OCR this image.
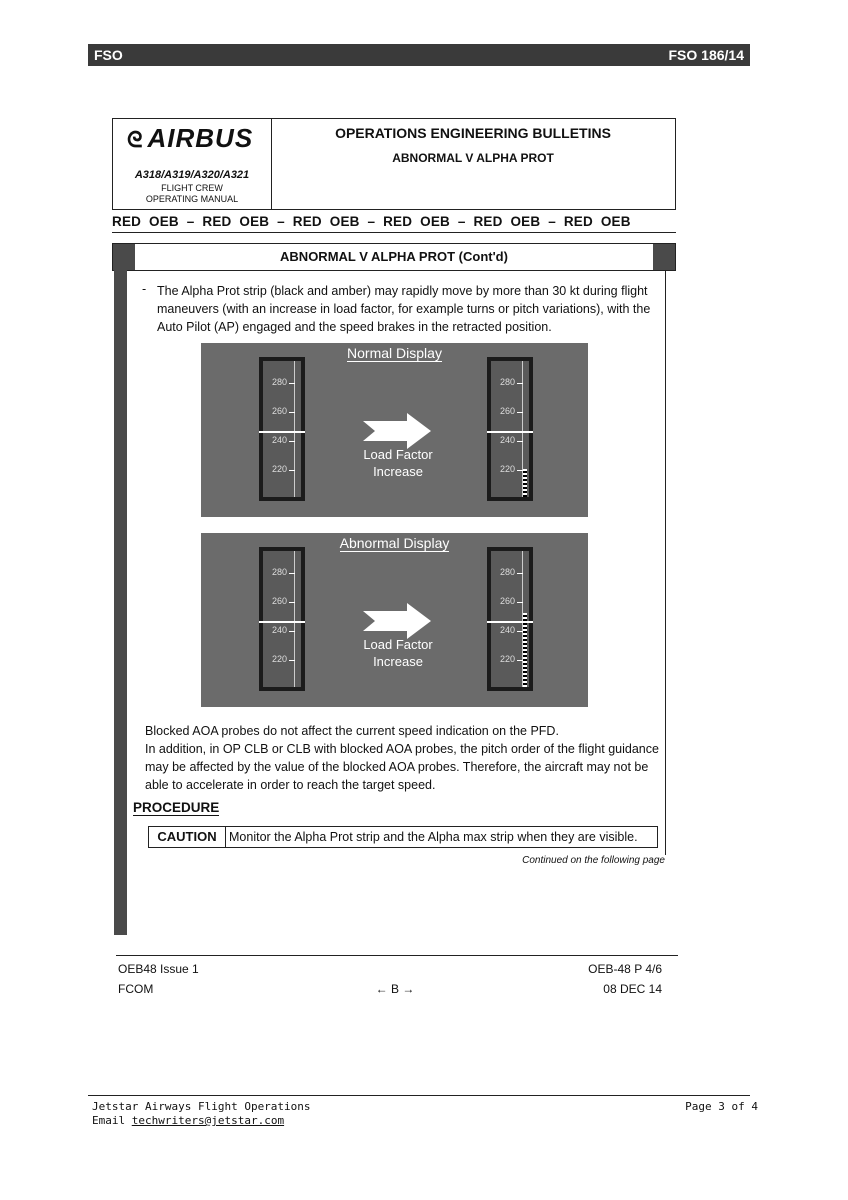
FSO	FSO 186/14
ᘓ AIRBUS
A318/A319/A320/A321
FLIGHT CREW
OPERATING MANUAL
OPERATIONS ENGINEERING BULLETINS
ABNORMAL V ALPHA PROT
RED  OEB  –  RED  OEB  –  RED  OEB  –  RED  OEB  –  RED  OEB  –  RED  OEB
ABNORMAL V ALPHA PROT (Cont'd)
- The Alpha Prot strip (black and amber) may rapidly move by more than 30 kt during flight maneuvers (with an increase in load factor, for example turns or pitch variations), with the Auto Pilot (AP) engaged and the speed brakes in the retracted position.
Normal Display
280
260
240
220
Load Factor
Increase
280
260
240
220
Abnormal Display
280
260
240
220
Load Factor
Increase
280
260
240
220
Blocked AOA probes do not affect the current speed indication on the PFD.
In addition, in OP CLB or CLB with blocked AOA probes, the pitch order of the flight guidance may be affected by the value of the blocked AOA probes. Therefore, the aircraft may not be able to accelerate in order to reach the target speed.
PROCEDURE
CAUTION Monitor the Alpha Prot strip and the Alpha max strip when they are visible.
Continued on the following page
OEB48 Issue 1
FCOM	← B →
OEB-48 P 4/6
08 DEC 14
Jetstar Airways Flight Operations
Email techwriters@jetstar.com
Page 3 of 4
